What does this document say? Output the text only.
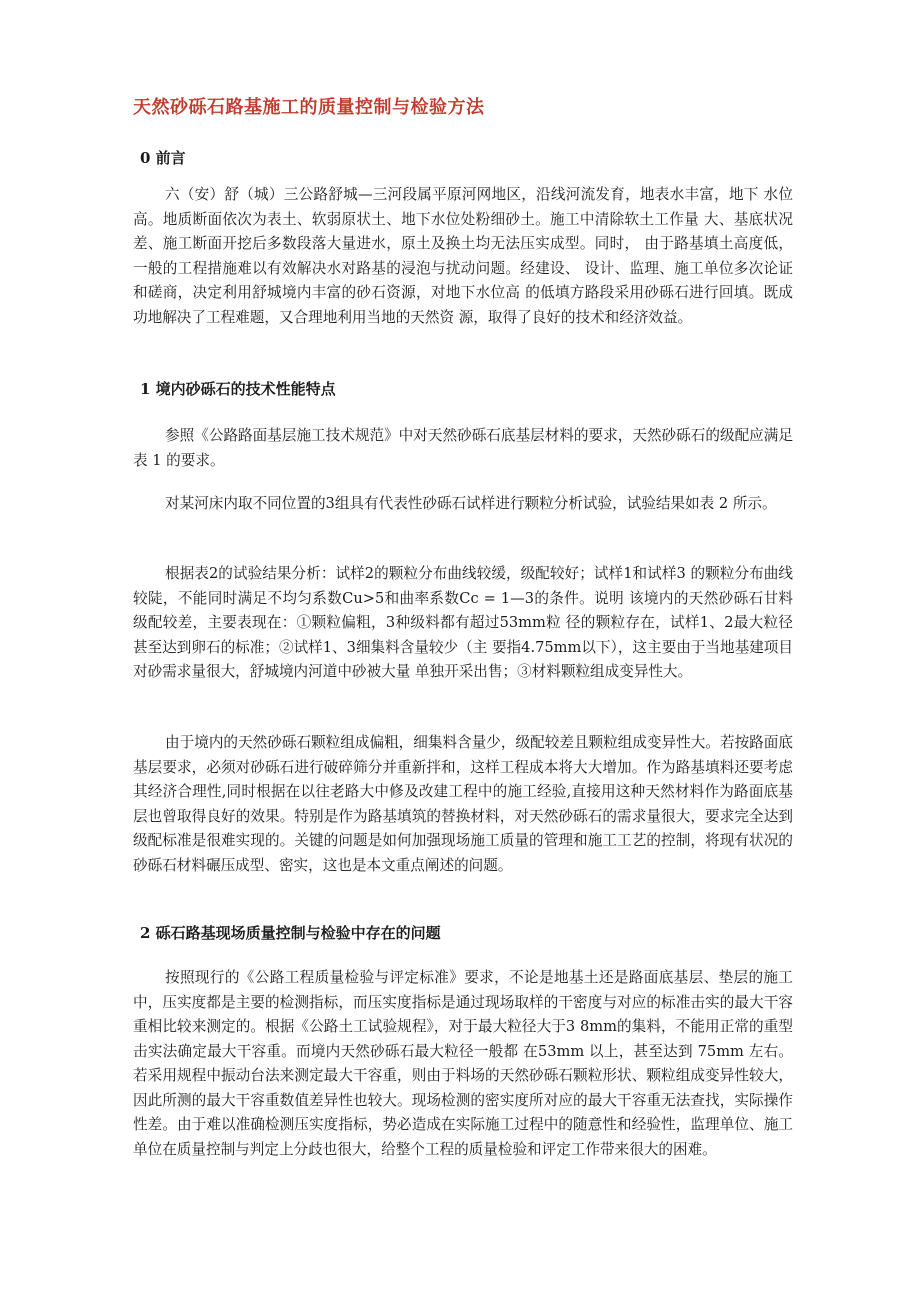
天然砂砾石路基施工的质量控制与检验方法
0 前言

六（安）舒（城）三公路舒城—三河段属平原河网地区，沿线河流发育，地表水丰富，地下 水位高。地质断面依次为表土、软弱原状土、地下水位处粉细砂土。施工中清除软土工作量 大、基底状况差、施工断面开挖后多数段落大量进水，原土及换土均无法压实成型。同时， 由于路基填土高度低，一般的工程措施难以有效解决水对路基的浸泡与扰动问题。经建设、 设计、监理、施工单位多次论证和磋商，决定利用舒城境内丰富的砂石资源，对地下水位高 的低填方路段采用砂砾石进行回填。既成功地解决了工程难题，又合理地利用当地的天然资 源，取得了良好的技术和经济效益。

1 境内砂砾石的技术性能特点

参照《公路路面基层施工技术规范》中对天然砂砾石底基层材料的要求，天然砂砾石的级配应满足表 1 的要求。

对某河床内取不同位置的3组具有代表性砂砾石试样进行颗粒分析试验，试验结果如表 2 所示。

根据表2的试验结果分析：试样2的颗粒分布曲线较缓，级配较好；试样1和试样3 的颗粒分布曲线较陡，不能同时满足不均匀系数Cu>5和曲率系数Cc = 1—3的条件。说明 该境内的天然砂砾石甘料级配较差，主要表现在：①颗粒偏粗，3种级料都有超过53mm粒 径的颗粒存在，试样1、2最大粒径甚至达到卵石的标准；②试样1、3细集料含量较少（主 要指4.75mm以下），这主要由于当地基建项目对砂需求量很大，舒城境内河道中砂被大量 单独开采出售；③材料颗粒组成变异性大。

由于境内的天然砂砾石颗粒组成偏粗，细集料含量少，级配较差且颗粒组成变异性大。若按路面底基层要求，必须对砂砾石进行破碎筛分并重新拌和，这样工程成本将大大增加。作为路基填料还要考虑其经济合理性,同时根据在以往老路大中修及改建工程中的施工经验,直接用这种天然材料作为路面底基层也曾取得良好的效果。特别是作为路基填筑的替换材料，对天然砂砾石的需求量很大，要求完全达到级配标准是很难实现的。关键的问题是如何加强现场施工质量的管理和施工工艺的控制，将现有状况的砂砾石材料碾压成型、密实，这也是本文重点阐述的问题。

2 砾石路基现场质量控制与检验中存在的问题

按照现行的《公路工程质量检验与评定标准》要求，不论是地基土还是路面底基层、垫层的施工中，压实度都是主要的检测指标，而压实度指标是通过现场取样的干密度与对应的标准击实的最大干容重相比较来测定的。根据《公路土工试验规程》，对于最大粒径大于3 8mm的集料，不能用正常的重型击实法确定最大干容重。而境内天然砂砾石最大粒径一般都 在53mm 以上，甚至达到 75mm 左右。若采用规程中振动台法来测定最大干容重，则由于料场的天然砂砾石颗粒形状、颗粒组成变异性较大，因此所测的最大干容重数值差异性也较大。现场检测的密实度所对应的最大干容重无法查找，实际操作性差。由于难以准确检测压实度指标，势必造成在实际施工过程中的随意性和经验性，监理单位、施工单位在质量控制与判定上分歧也很大，给整个工程的质量检验和评定工作带来很大的困难。
